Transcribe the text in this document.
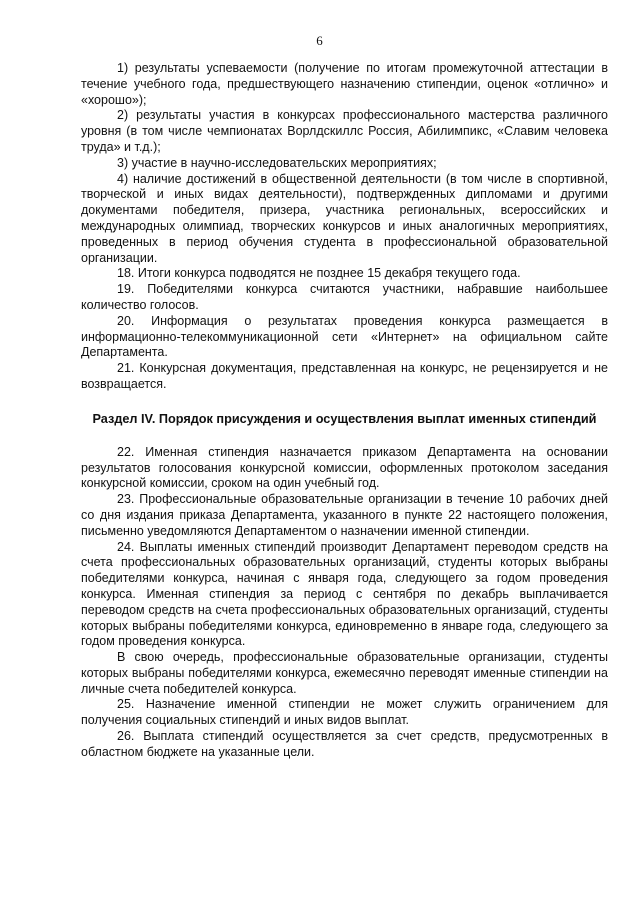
6

1) результаты успеваемости (получение по итогам промежуточной аттестации в течение учебного года, предшествующего назначению стипендии, оценок «отлично» и «хорошо»);

2) результаты участия в конкурсах профессионального мастерства различного уровня (в том числе чемпионатах Ворлдскиллс Россия, Абилимпикс, «Славим человека труда» и т.д.);

3) участие в научно-исследовательских мероприятиях;

4) наличие достижений в общественной деятельности (в том числе в спортивной, творческой и иных видах деятельности), подтвержденных дипломами и другими документами победителя, призера, участника региональных, всероссийских и международных олимпиад, творческих конкурсов и иных аналогичных мероприятиях, проведенных в период обучения студента в профессиональной образовательной организации.

18. Итоги конкурса подводятся не позднее 15 декабря текущего года.

19. Победителями конкурса считаются участники, набравшие наибольшее количество голосов.

20. Информация о результатах проведения конкурса размещается в информационно-телекоммуникационной сети «Интернет» на официальном сайте Департамента.

21. Конкурсная документация, представленная на конкурс, не рецензируется и не возвращается.

Раздел IV. Порядок присуждения и осуществления выплат именных стипендий

22. Именная стипендия назначается приказом Департамента на основании результатов голосования конкурсной комиссии, оформленных протоколом заседания конкурсной комиссии, сроком на один учебный год.

23. Профессиональные образовательные организации в течение 10 рабочих дней со дня издания приказа Департамента, указанного в пункте 22 настоящего положения, письменно уведомляются Департаментом о назначении именной стипендии.

24. Выплаты именных стипендий производит Департамент переводом средств на счета профессиональных образовательных организаций, студенты которых выбраны победителями конкурса, начиная с января года, следующего за годом проведения конкурса. Именная стипендия за период с сентября по декабрь выплачивается переводом средств на счета профессиональных образовательных организаций, студенты которых выбраны победителями конкурса, единовременно в январе года, следующего за годом проведения конкурса.

В свою очередь, профессиональные образовательные организации, студенты которых выбраны победителями конкурса, ежемесячно переводят именные стипендии на личные счета победителей конкурса.

25. Назначение именной стипендии не может служить ограничением для получения социальных стипендий и иных видов выплат.

26. Выплата стипендий осуществляется за счет средств, предусмотренных в областном бюджете на указанные цели.
